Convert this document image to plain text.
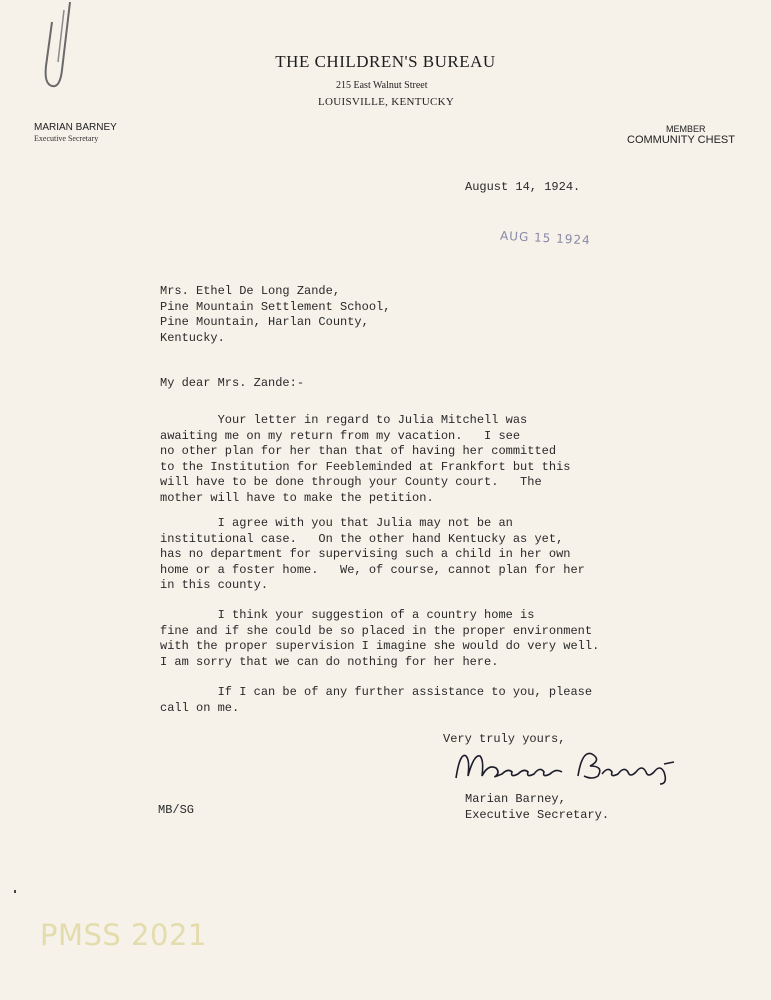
THE CHILDREN'S BUREAU
215 East Walnut Street
LOUISVILLE, KENTUCKY
MARIAN BARNEY
Executive Secretary
MEMBER
COMMUNITY CHEST
August 14, 1924.
AUG 15 1924
Mrs. Ethel De Long Zande,
Pine Mountain Settlement School,
Pine Mountain, Harlan County,
Kentucky.
My dear Mrs. Zande:-
Your letter in regard to Julia Mitchell was
awaiting me on my return from my vacation.   I see
no other plan for her than that of having her committed
to the Institution for Feebleminded at Frankfort but this
will have to be done through your County court.   The
mother will have to make the petition.
I agree with you that Julia may not be an
institutional case.   On the other hand Kentucky as yet,
has no department for supervising such a child in her own
home or a foster home.   We, of course, cannot plan for her
in this county.
I think your suggestion of a country home is
fine and if she could be so placed in the proper environment
with the proper supervision I imagine she would do very well.
I am sorry that we can do nothing for her here.
If I can be of any further assistance to you, please
call on me.
Very truly yours,
Marian Barney,
Executive Secretary.
MB/SG
PMSS 2021
